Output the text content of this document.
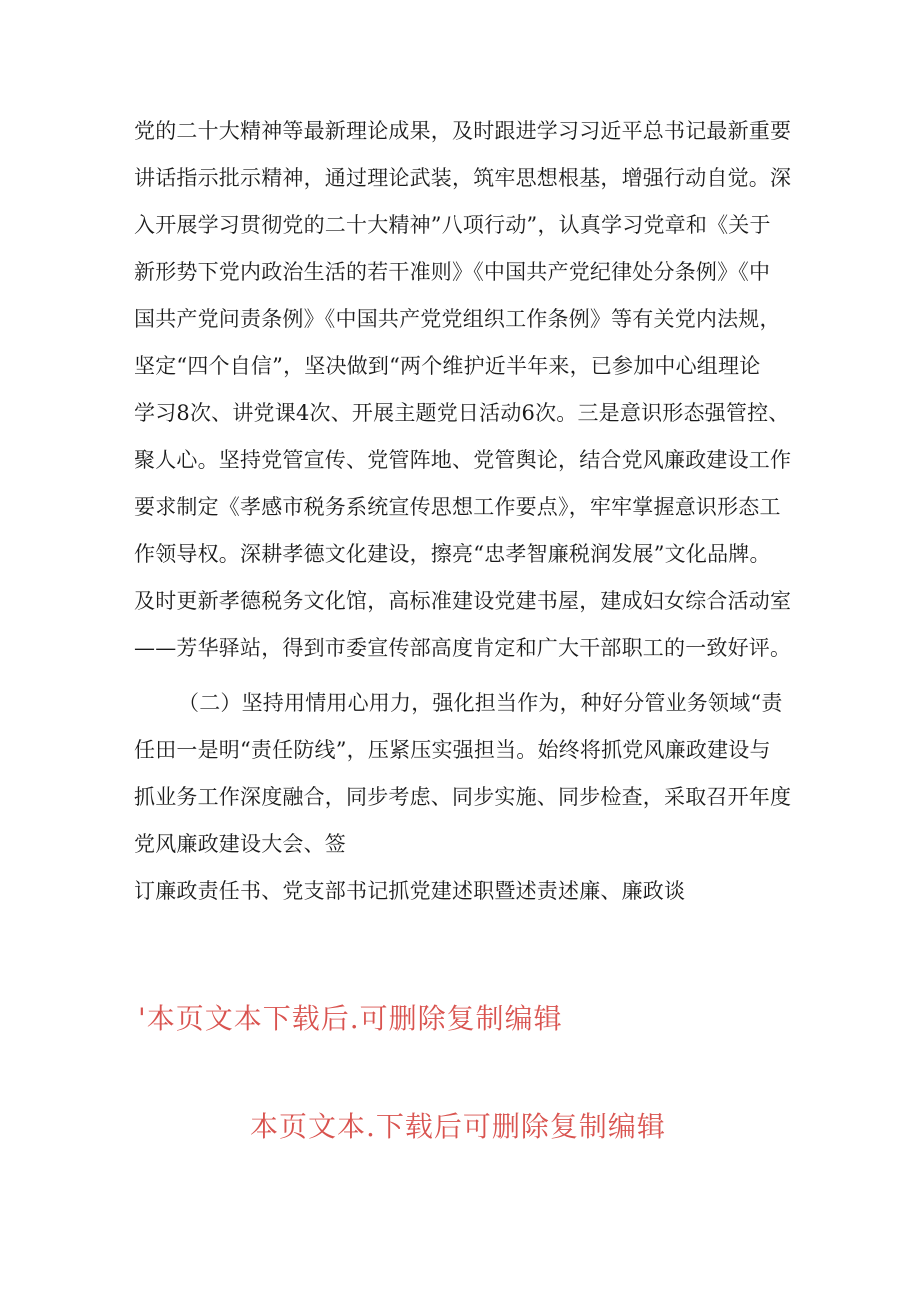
党的二十大精神等最新理论成果，及时跟进学习习近平总书记最新重要

讲话指示批示精神，通过理论武装，筑牢思想根基，增强行动自觉。深

入开展学习贯彻党的二十大精神”八项行动”，认真学习党章和《关于

新形势下党内政治生活的若干准则》《中国共产党纪律处分条例》《中

国共产党问责条例》《中国共产党党组织工作条例》等有关党内法规，

坚定“四个自信”，坚决做到“两个维护近半年来，已参加中心组理论

学习8次、讲党课4次、开展主题党日活动6次。三是意识形态强管控、

聚人心。坚持党管宣传、党管阵地、党管舆论，结合党风廉政建设工作

要求制定《孝感市税务系统宣传思想工作要点》，牢牢掌握意识形态工

作领导权。深耕孝德文化建设，擦亮“忠孝智廉税润发展”文化品牌。

及时更新孝德税务文化馆，高标准建设党建书屋，建成妇女综合活动室

——芳华驿站，得到市委宣传部高度肯定和广大干部职工的一致好评。

（二）坚持用情用心用力，强化担当作为，种好分管业务领域“责

任田一是明“责任防线”，压紧压实强担当。始终将抓党风廉政建设与

抓业务工作深度融合，同步考虑、同步实施、同步检查，采取召开年度

党风廉政建设大会、签

订廉政责任书、党支部书记抓党建述职暨述责述廉、廉政谈

'本页文本下载后.可删除复制编辑

本页文本.下载后可删除复制编辑
